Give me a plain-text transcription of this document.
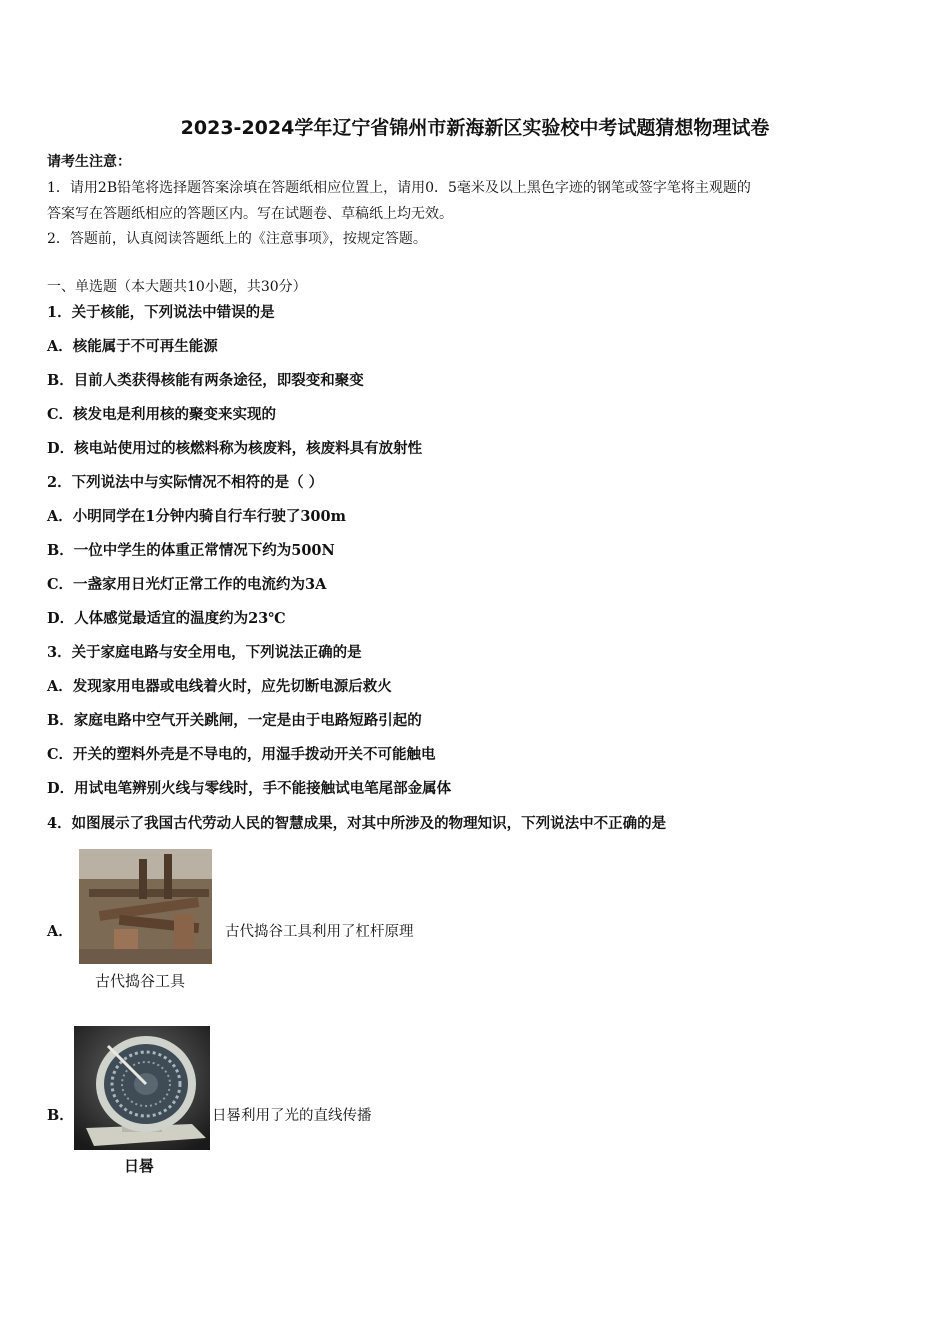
2023-2024学年辽宁省锦州市新海新区实验校中考试题猜想物理试卷
请考生注意：
1．请用2B铅笔将选择题答案涂填在答题纸相应位置上，请用0．5毫米及以上黑色字迹的钢笔或签字笔将主观题的
答案写在答题纸相应的答题区内。写在试题卷、草稿纸上均无效。
2．答题前，认真阅读答题纸上的《注意事项》，按规定答题。
一、单选题（本大题共10小题，共30分）
1．关于核能，下列说法中错误的是
A．核能属于不可再生能源
B．目前人类获得核能有两条途径，即裂变和聚变
C．核发电是利用核的聚变来实现的
D．核电站使用过的核燃料称为核废料，核废料具有放射性
2．下列说法中与实际情况不相符的是（ ）
A．小明同学在1分钟内骑自行车行驶了300m
B．一位中学生的体重正常情况下约为500N
C．一盏家用日光灯正常工作的电流约为3A
D．人体感觉最适宜的温度约为23℃
3．关于家庭电路与安全用电，下列说法正确的是
A．发现家用电器或电线着火时，应先切断电源后救火
B．家庭电路中空气开关跳闸，一定是由于电路短路引起的
C．开关的塑料外壳是不导电的，用湿手拨动开关不可能触电
D．用试电笔辨别火线与零线时，手不能接触试电笔尾部金属体
4．如图展示了我国古代劳动人民的智慧成果，对其中所涉及的物理知识，下列说法中不正确的是
A．
古代捣谷工具
古代捣谷工具利用了杠杆原理
B．
日晷
日晷利用了光的直线传播
